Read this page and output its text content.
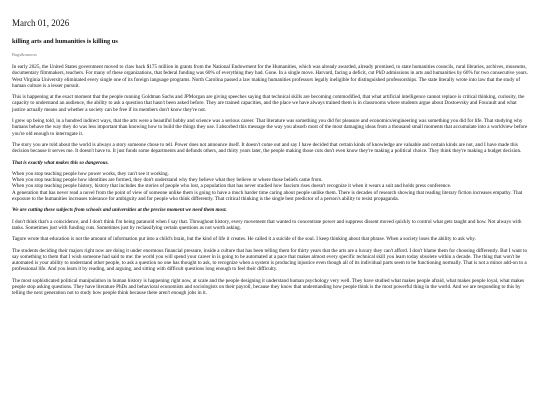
March 01, 2026
killing arts and humanities is killing us
Bugs&rumors

In early 2025, the United States government moved to claw back $175 million in grants from the National Endowment for the Humanities, which was already awarded, already promised, to state humanities councils, rural libraries, archives, museums, documentary filmmakers, teachers. For many of these organizations, that federal funding was 60% of everything they had. Gone. In a single move. Harvard, facing a deficit, cut PhD admissions in arts and humanities by 60% for two consecutive years. West Virginia University eliminated every single one of its foreign language programs. North Carolina passed a law making humanities professors legally ineligible for distinguished professorships. The state literally wrote into law that the study of human culture is a lesser pursuit.

This is happening at the exact moment that the people running Goldman Sachs and JPMorgan are giving speeches saying that technical skills are becoming commodified, that what artificial intelligence cannot replace is critical thinking, curiosity, the capacity to understand an audience, the ability to ask a question that hasn't been asked before. They are trained capacities, and the place we have always trained them is in classrooms where students argue about Dostoevsky and Foucault and what justice actually means and whether a society can be free if its members don't know they're not.

I grew up being told, in a hundred indirect ways, that the arts were a beautiful hobby and science was a serious career. That literature was something you did for pleasure and economics/engineering was something you did for life. That studying why humans behave the way they do was less important than knowing how to build the things they use. I absorbed this message the way you absorb most of the most damaging ideas from a thousand small moments that accumulate into a worldview before you're old enough to interrogate it.

The story you are told about the world is always a story someone chose to tell. Power does not announce itself. It doesn't come out and say I have decided that certain kinds of knowledge are valuable and certain kinds are not, and I have made this decision because it serves me. It doesn't have to. It just funds some departments and defunds others, and thirty years later, the people making those cuts don't even know they're making a political choice. They think they're making a budget decision.

That is exactly what makes this so dangerous.

When you stop teaching people how power works, they can't see it working.

When you stop teaching people how identities are formed, they don't understand why they believe what they believe or where those beliefs came from.

When you stop teaching people history, history that includes the stories of people who lost, a population that has never studied how fascism rises doesn't recognize it when it wears a suit and holds press conference.

A generation that has never read a novel from the point of view of someone unlike them is going to have a much harder time caring about people unlike them. There is decades of research showing that reading literary fiction increases empathy. That exposure to the humanities increases tolerance for ambiguity and for people who think differently. That critical thinking is the single best predictor of a person's ability to resist propaganda.

We are cutting these subjects from schools and universities at the precise moment we need them most.

I don't think that's a coincidence, and I don't think I'm being paranoid when I say that. Throughout history, every movement that wanted to concentrate power and suppress dissent moved quickly to control what gets taught and how. Not always with tanks. Sometimes just with funding cuts. Sometimes just by reclassifying certain questions as not worth asking.

Tagore wrote that education is not the amount of information put into a child's brain, but the kind of life it creates. He called it a suicide of the soul. I keep thinking about that phrase. When a society loses the ability to ask why.

The students deciding their majors right now are doing it under enormous financial pressure, inside a culture that has been telling them for thirty years that the arts are a luxury they can't afford. I don't blame them for choosing differently. But I want to say something to them that I wish someone had said to me: the world you will spend your career in is going to be automated at a pace that makes almost every specific technical skill you learn today obsolete within a decade. The thing that won't be automated is your ability to understand other people, to ask a question no one has thought to ask, to recognize when a system is producing injustice even though all of its individual parts seem to be functioning normally. That is not a minor add-on to a professional life. And you learn it by reading, and arguing, and sitting with difficult questions long enough to feel their difficulty.

The most sophisticated political manipulation in human history is happening right now, at scale and the people designing it understand human psychology very well. They have studied what makes people afraid, what makes people loyal, what makes people stop asking questions. They have literature PhDs and behavioral economists and sociologists on their payroll, because they know that understanding how people think is the most powerful thing in the world. And we are responding to this by telling the next generation not to study how people think because there aren't enough jobs in it.
